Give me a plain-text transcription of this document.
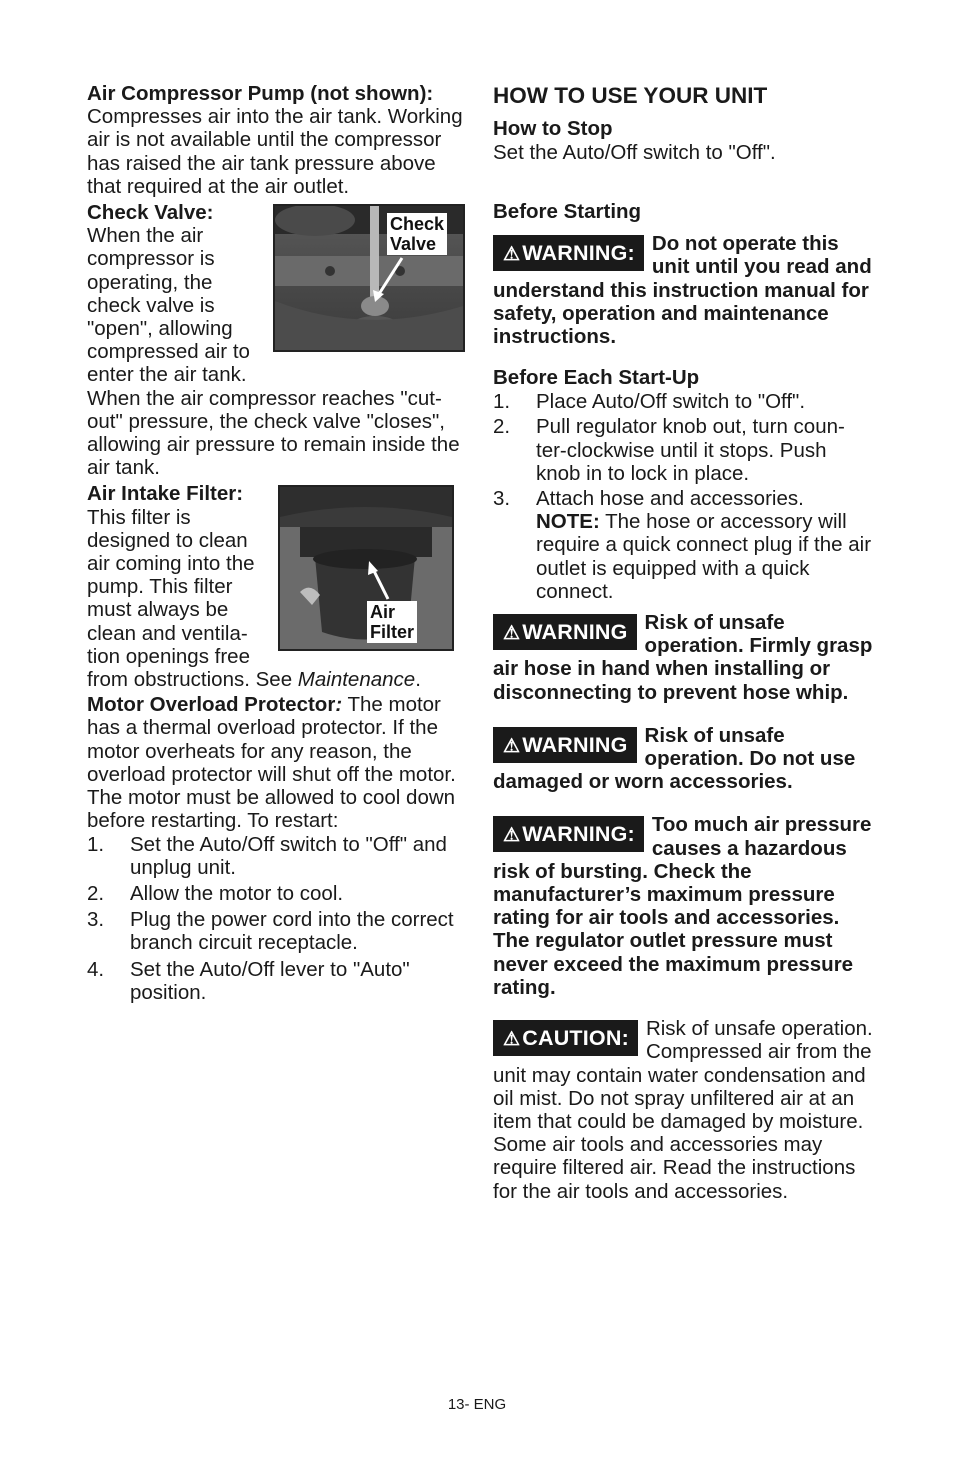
Air Compressor Pump (not shown):
Compresses air into the air tank. Working air is not available until the compressor has raised the air tank pressure above that required at the air outlet.

Check Valve:	Check
Valve

When the air compressor is operating, the check valve is "open", allowing compressed air to enter the air tank.

When the air compressor reaches "cut-out" pressure, the check valve "closes", allowing air pressure to remain inside the air tank.

Air Intake Filter:
Air
Filter

This filter is designed to clean air coming into the pump. This filter must always be clean and ventila-tion openings free from obstructions. See Maintenance.

Motor Overload Protector: The motor has a thermal overload protector. If the motor overheats for any reason, the overload protector will shut off the motor. The motor must be allowed to cool down before restarting. To restart:

1. Set the Auto/Off switch to "Off" and unplug unit.
2. Allow the motor to cool.
3. Plug the power cord into the correct branch circuit receptacle.
4. Set the Auto/Off lever to "Auto" position.
HOW TO USE YOUR UNIT
How to Stop

Set the Auto/Off switch to "Off".

Before Starting
⚠WARNING: Do not operate this unit until you read and understand this instruction manual for safety, operation and maintenance instructions.
Before Each Start-Up
1. Place Auto/Off switch to "Off".
2. Pull regulator knob out, turn coun-ter-clockwise until it stops. Push knob in to lock in place.
3. Attach hose and accessories.
NOTE: The hose or accessory will require a quick connect plug if the air outlet is equipped with a quick connect.
⚠WARNING Risk of unsafe operation. Firmly grasp air hose in hand when installing or disconnecting to prevent hose whip.
⚠WARNING Risk of unsafe operation. Do not use damaged or worn accessories.
⚠WARNING: Too much air pressure causes a hazardous risk of bursting. Check the manufacturer’s maximum pressure rating for air tools and accessories. The regulator outlet pressure must never exceed the maximum pressure rating.
⚠CAUTION: Risk of unsafe operation. Compressed air from the unit may contain water condensation and oil mist. Do not spray unfiltered air at an item that could be damaged by moisture. Some air tools and accessories may require filtered air. Read the instructions for the air tools and accessories.
13- ENG
